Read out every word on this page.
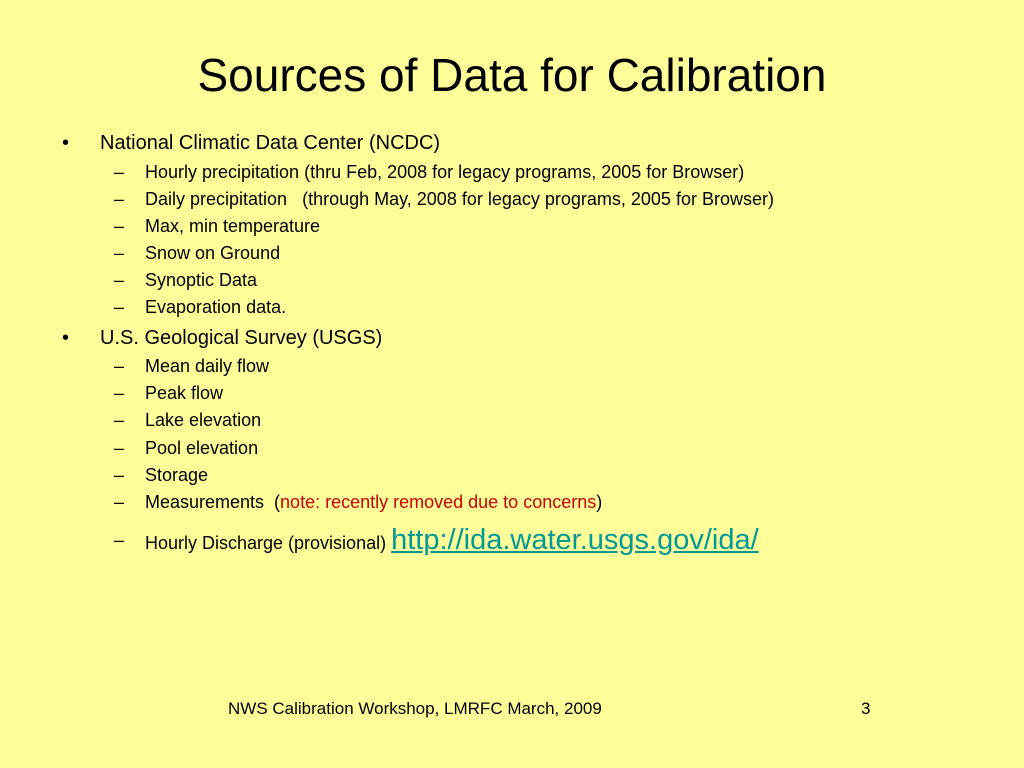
Sources of Data for Calibration
• National Climatic Data Center (NCDC)
– Hourly precipitation (thru Feb, 2008 for legacy programs, 2005 for Browser)
– Daily precipitation   (through May, 2008 for legacy programs, 2005 for Browser)
– Max, min temperature
– Snow on Ground
– Synoptic Data
– Evaporation data.
• U.S. Geological Survey (USGS)
– Mean daily flow
– Peak flow
– Lake elevation
– Pool elevation
– Storage
– Measurements  (note: recently removed due to concerns)
– Hourly Discharge (provisional) http://ida.water.usgs.gov/ida/
NWS Calibration Workshop, LMRFC March, 2009	3
